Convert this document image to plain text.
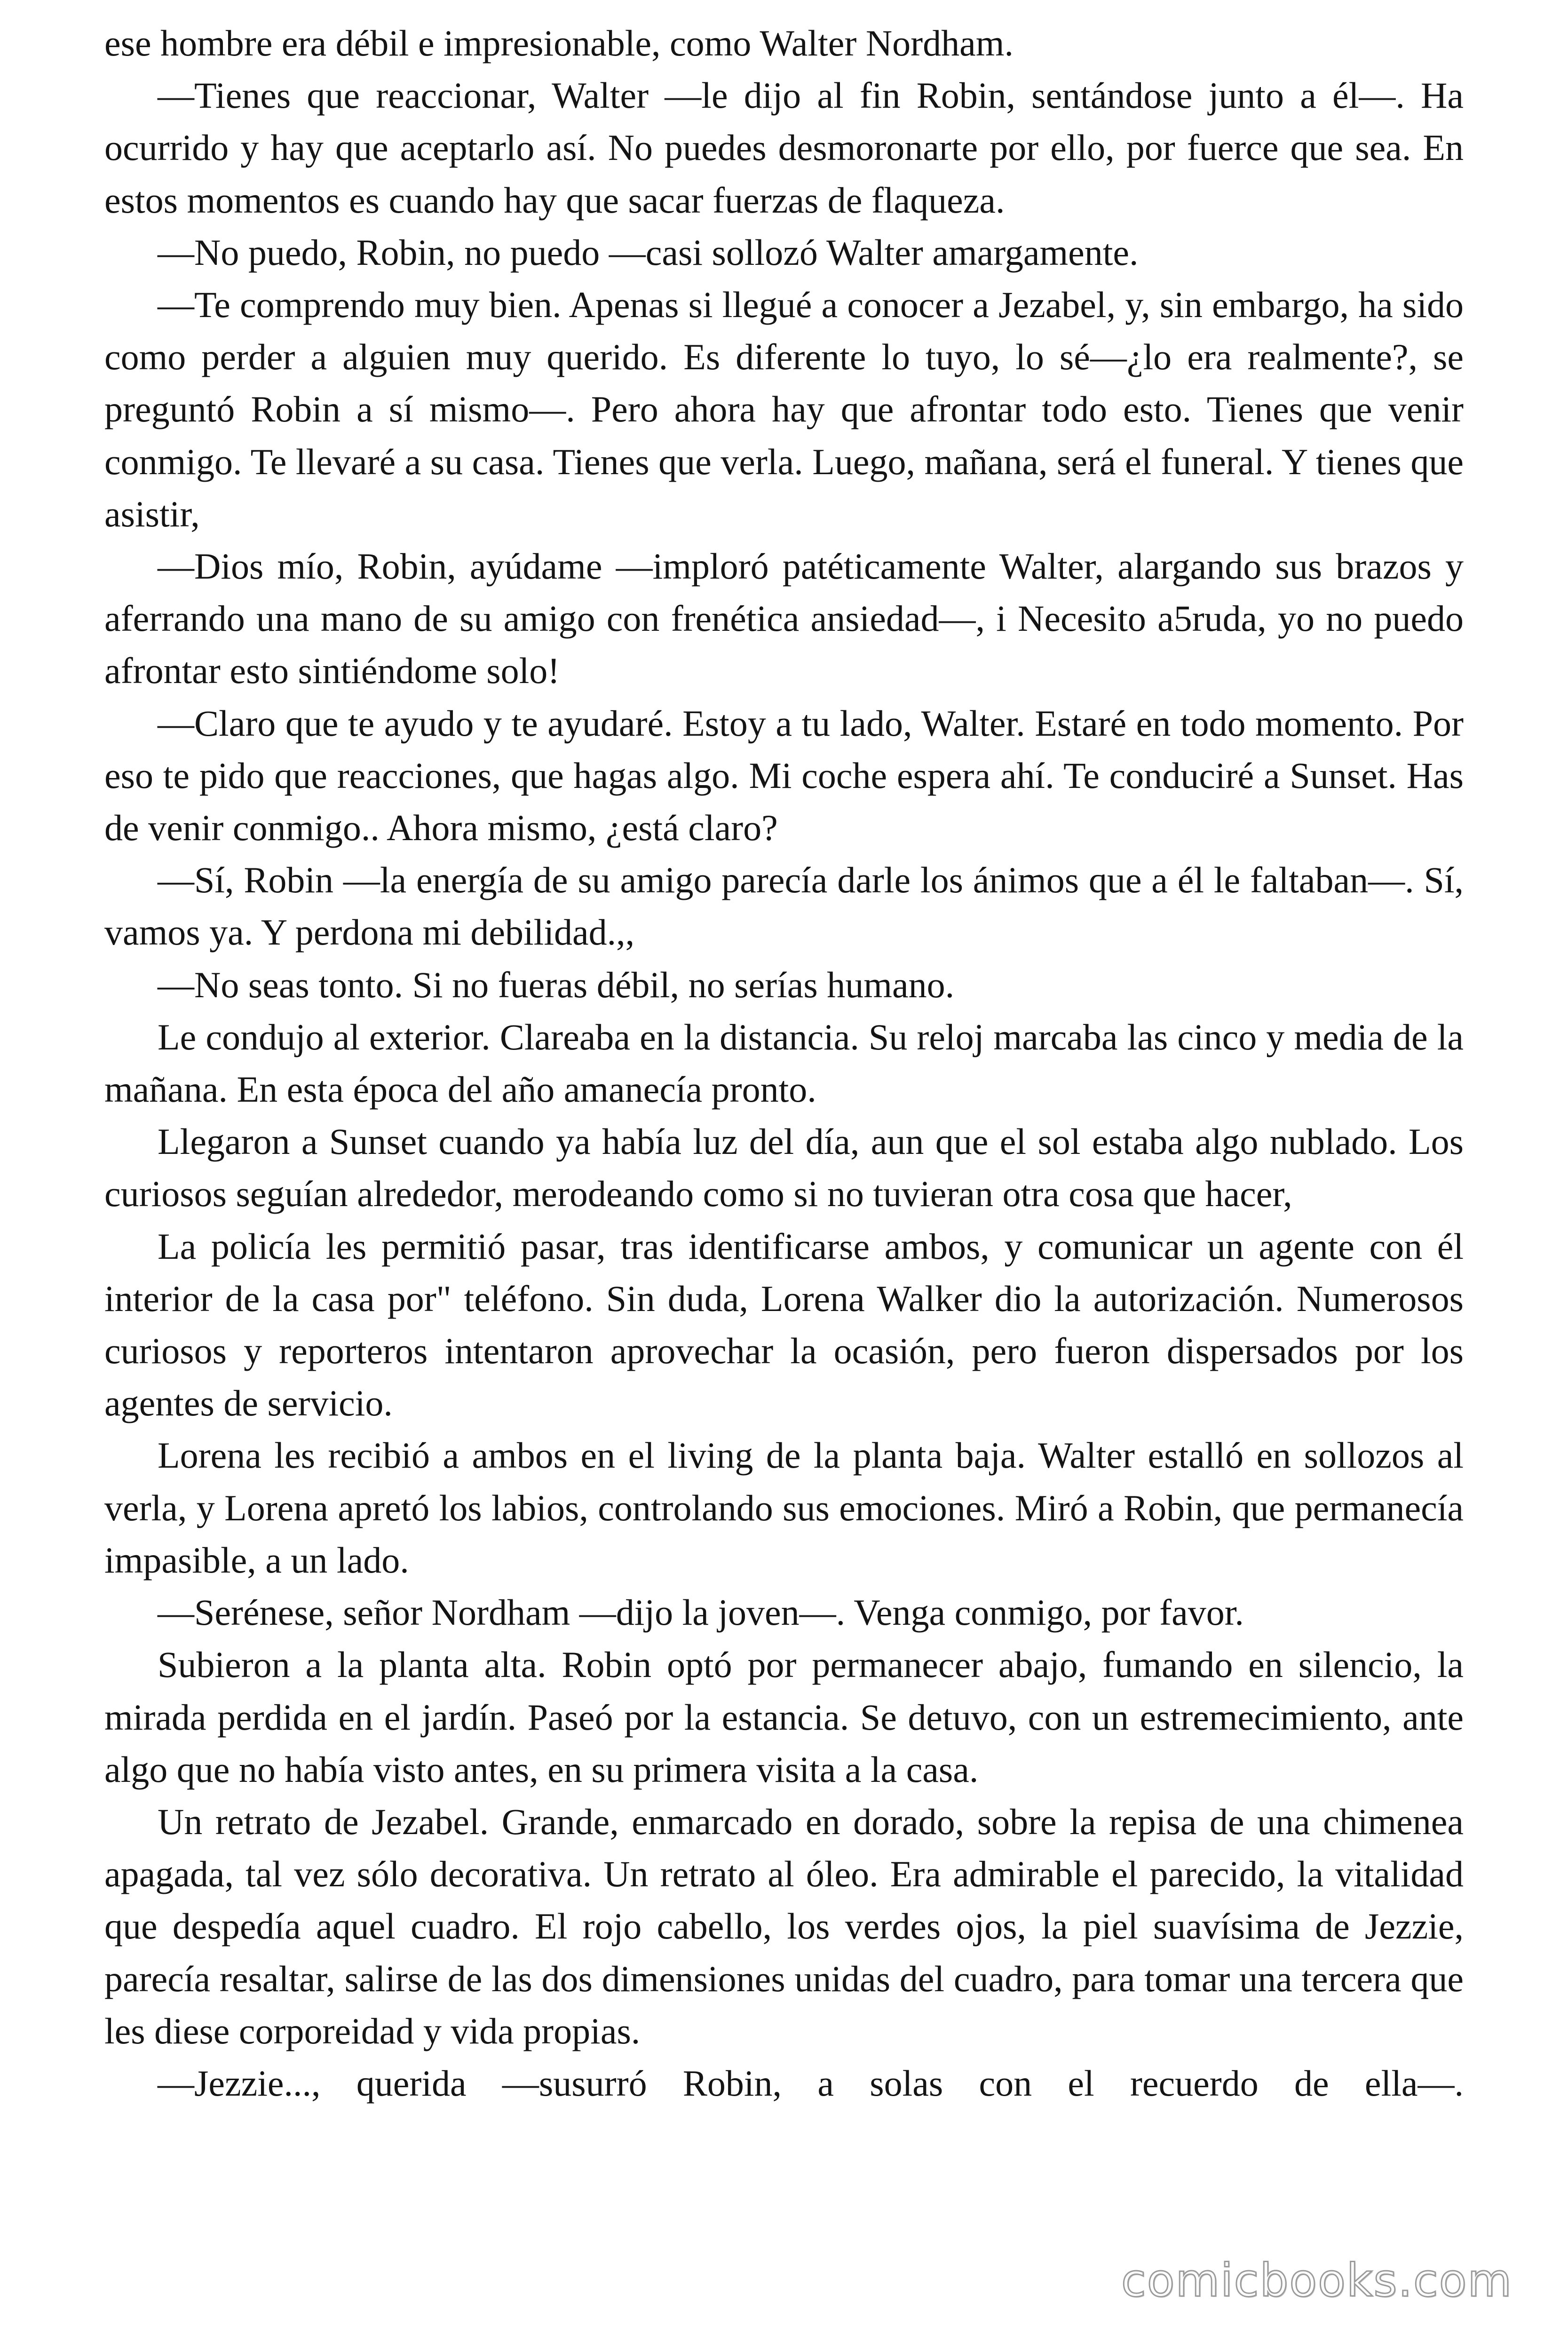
ese hombre era débil e impresionable, como Walter Nordham.

—Tienes que reaccionar, Walter —le dijo al fin Robin, sentándose junto a él—. Ha ocurrido y hay que aceptarlo así. No puedes desmoronarte por ello, por fuerce que sea. En estos momentos es cuando hay que sacar fuerzas de flaqueza.

—No puedo, Robin, no puedo —casi sollozó Walter amargamente.

—Te comprendo muy bien. Apenas si llegué a conocer a Jezabel, y, sin embargo, ha sido como perder a alguien muy querido. Es diferente lo tuyo, lo sé—¿lo era realmente?, se preguntó Robin a sí mismo—. Pero ahora hay que afrontar todo esto. Tienes que venir conmigo. Te llevaré a su casa. Tienes que verla. Luego, mañana, será el funeral. Y tienes que asistir,

—Dios mío, Robin, ayúdame —imploró patéticamente Walter, alargando sus brazos y aferrando una mano de su amigo con frenética ansiedad—, i Necesito a5ruda, yo no puedo afrontar esto sintiéndome solo!

—Claro que te ayudo y te ayudaré. Estoy a tu lado, Walter. Estaré en todo momento. Por eso te pido que reacciones, que hagas algo. Mi coche espera ahí. Te conduciré a Sunset. Has de venir conmigo.. Ahora mismo, ¿está claro?

—Sí, Robin —la energía de su amigo parecía darle los ánimos que a él le faltaban—. Sí, vamos ya. Y perdona mi debilidad.,,

—No seas tonto. Si no fueras débil, no serías humano.

Le condujo al exterior. Clareaba en la distancia. Su reloj marcaba las cinco y media de la mañana. En esta época del año amanecía pronto.

Llegaron a Sunset cuando ya había luz del día, aun que el sol estaba algo nublado. Los curiosos seguían alrededor, merodeando como si no tuvieran otra cosa que hacer,

La policía les permitió pasar, tras identificarse ambos, y comunicar un agente con él interior de la casa por" teléfono. Sin duda, Lorena Walker dio la autorización. Numerosos curiosos y reporteros intentaron aprovechar la ocasión, pero fueron dispersados por los agentes de servicio.

Lorena les recibió a ambos en el living de la planta baja. Walter estalló en sollozos al verla, y Lorena apretó los labios, controlando sus emociones. Miró a Robin, que permanecía impasible, a un lado.

—Serénese, señor Nordham —dijo la joven—. Venga conmigo, por favor.

Subieron a la planta alta. Robin optó por permanecer abajo, fumando en silencio, la mirada perdida en el jardín. Paseó por la estancia. Se detuvo, con un estremecimiento, ante algo que no había visto antes, en su primera visita a la casa.

Un retrato de Jezabel. Grande, enmarcado en dorado, sobre la repisa de una chimenea apagada, tal vez sólo decorativa. Un retrato al óleo. Era admirable el parecido, la vitalidad que despedía aquel cuadro. El rojo cabello, los verdes ojos, la piel suavísima de Jezzie, parecía resaltar, salirse de las dos dimensiones unidas del cuadro, para tomar una tercera que les diese corporeidad y vida propias.

—Jezzie..., querida —susurró Robin, a solas con el recuerdo de ella—.

comicbooks.com
